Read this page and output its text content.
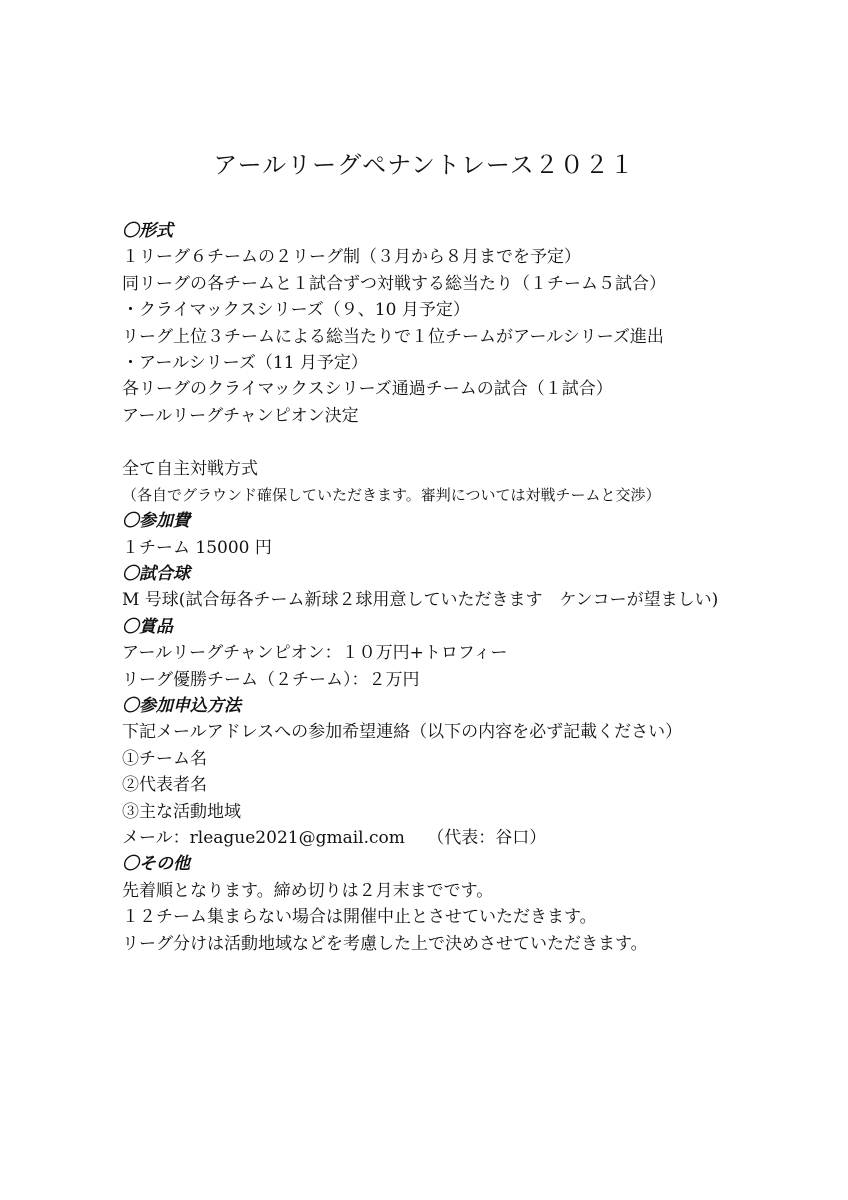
アールリーグペナントレース２０２１
〇形式
１リーグ６チームの２リーグ制（３月から８月までを予定）
同リーグの各チームと１試合ずつ対戦する総当たり（１チーム５試合）
・クライマックスシリーズ（９、10 月予定）
リーグ上位３チームによる総当たりで１位チームがアールシリーズ進出
・アールシリーズ（11 月予定）
各リーグのクライマックスシリーズ通過チームの試合（１試合）
アールリーグチャンピオン決定
全て自主対戦方式
（各自でグラウンド確保していただきます。審判については対戦チームと交渉）
〇参加費
１チーム 15000 円
〇試合球
M 号球(試合毎各チーム新球２球用意していただきます　ケンコーが望ましい)
〇賞品
アールリーグチャンピオン：１０万円+トロフィー
リーグ優勝チーム（２チーム）：２万円
〇参加申込方法
下記メールアドレスへの参加希望連絡（以下の内容を必ず記載ください）
①チーム名
②代表者名
③主な活動地域
メール：rleague2021@gmail.com　 （代表：谷口）
〇その他
先着順となります。締め切りは２月末までです。
１２チーム集まらない場合は開催中止とさせていただきます。
リーグ分けは活動地域などを考慮した上で決めさせていただきます。
